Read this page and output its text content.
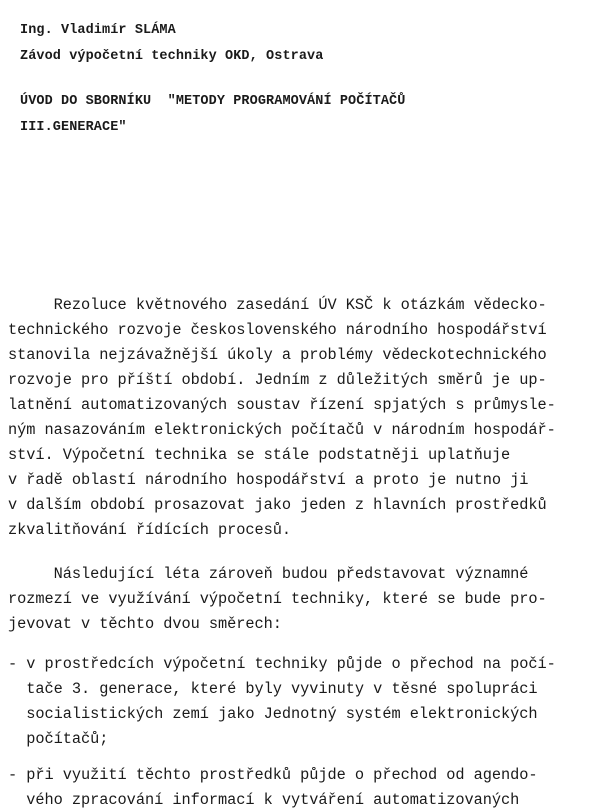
Ing. Vladimír SLÁMA

Závod výpočetní techniky OKD, Ostrava

ÚVOD DO SBORNÍKU  "METODY PROGRAMOVÁNÍ POČÍTAČŮ

III.GENERACE"

Rezoluce květnového zasedání ÚV KSČ k otázkám vědecko-

technického rozvoje československého národního hospodářství

stanovila nejzávažnější úkoly a problémy vědeckotechnického

rozvoje pro příští období. Jedním z důležitých směrů je up-

latnění automatizovaných soustav řízení spjatých s průmysle-

ným nasazováním elektronických počítačů v národním hospodář-

ství. Výpočetní technika se stále podstatněji uplatňuje

v řadě oblastí národního hospodářství a proto je nutno ji

v dalším období prosazovat jako jeden z hlavních prostředků

zkvalitňování řídících procesů.

Následující léta zároveň budou představovat významné

rozmezí ve využívání výpočetní techniky, které se bude pro-

jevovat v těchto dvou směrech:

- v prostředcích výpočetní techniky půjde o přechod na počí-

tače 3. generace, které byly vyvinuty v těsné spolupráci

socialistických zemí jako Jednotný systém elektronických

počítačů;

- při využití těchto prostředků půjde o přechod od agendo-

vého zpracování informací k vytváření automatizovaných
